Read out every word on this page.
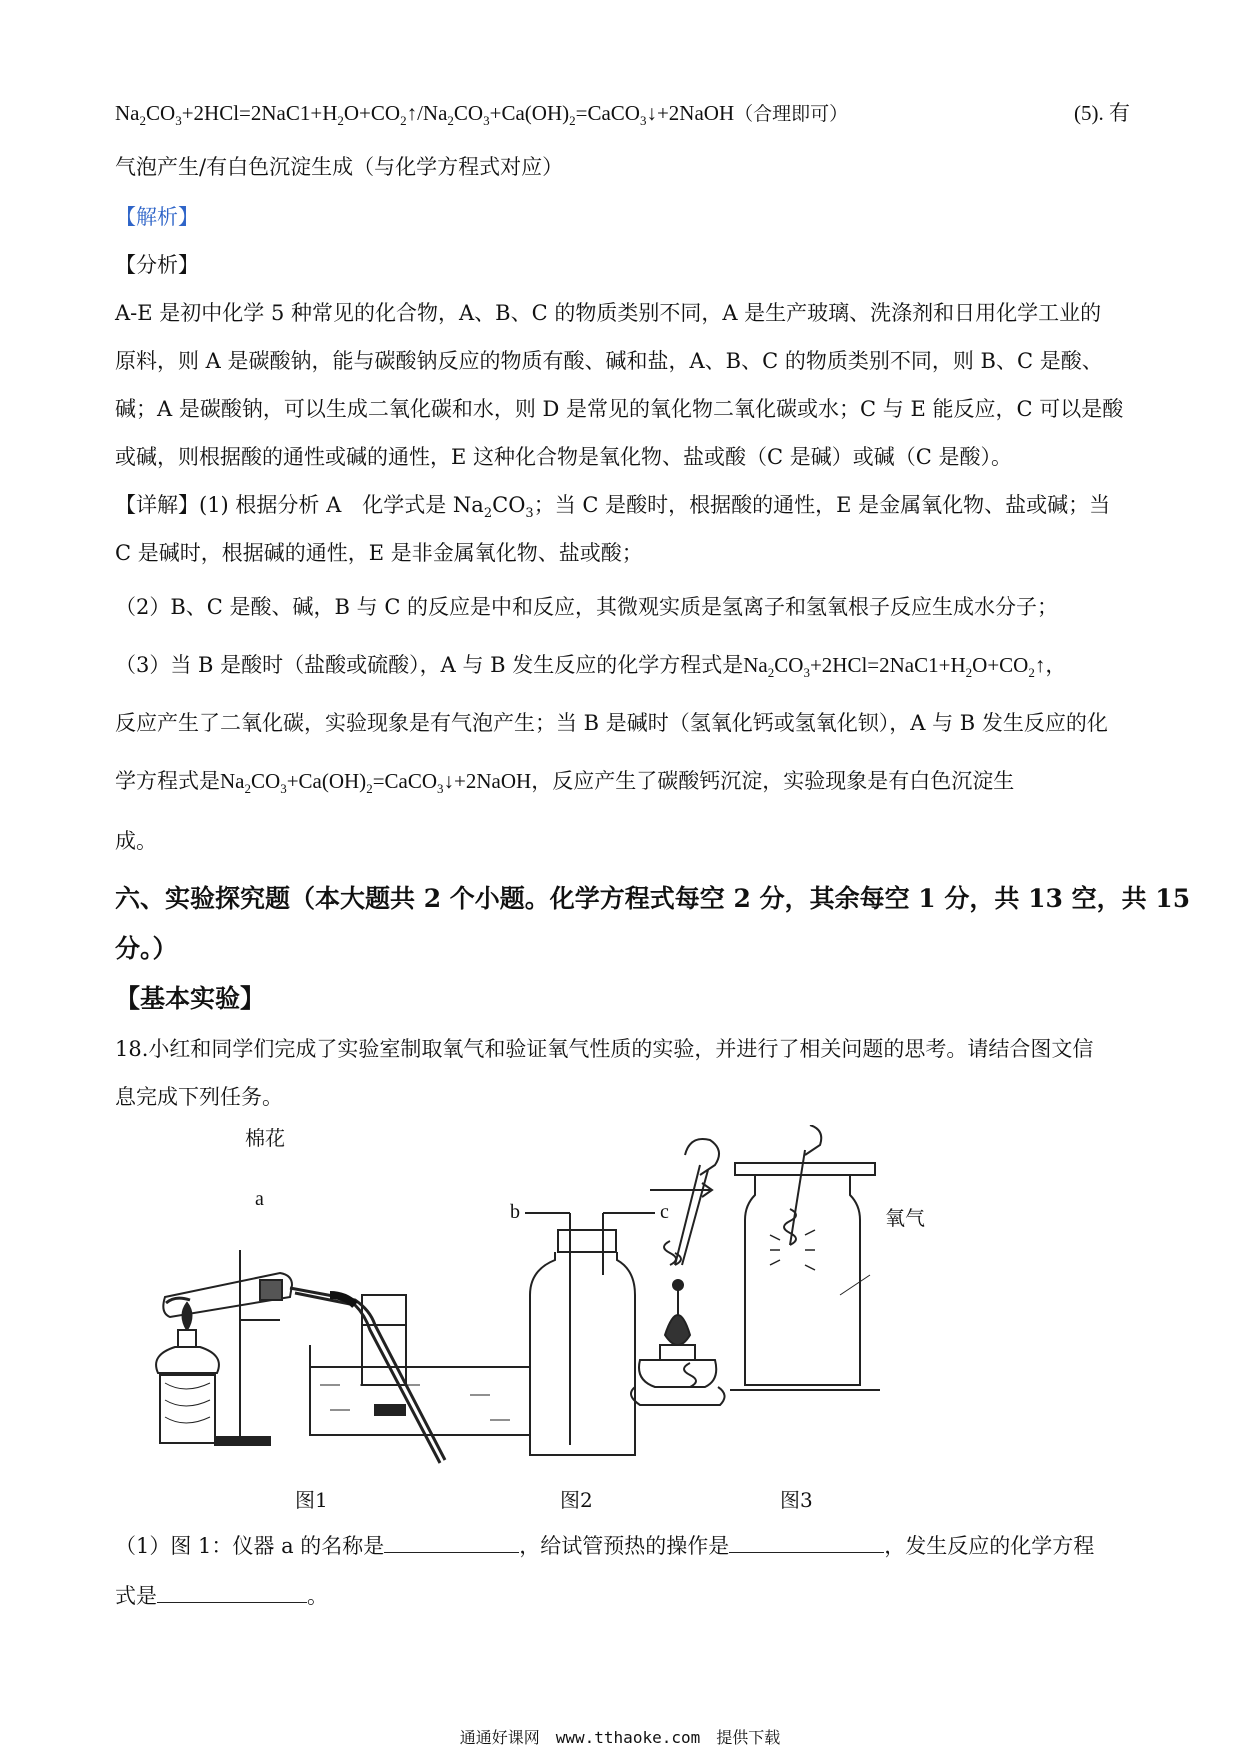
$Na_2CO_3+2HCl=2NaC1+H_2O+CO_2↑/Na_2CO_3+Ca(OH)_2=CaCO_3↓+2NaOH$（合理即可）	(5). 有
气泡产生/有白色沉淀生成（与化学方程式对应）
【解析】
【分析】
A-E 是初中化学 5 种常见的化合物，A、B、C 的物质类别不同，A 是生产玻璃、洗涤剂和日用化学工业的
原料，则 A 是碳酸钠，能与碳酸钠反应的物质有酸、碱和盐，A、B、C 的物质类别不同，则 B、C 是酸、
碱；A 是碳酸钠，可以生成二氧化碳和水，则 D 是常见的氧化物二氧化碳或水；C 与 E 能反应，C 可以是酸
或碱，则根据酸的通性或碱的通性，E 这种化合物是氧化物、盐或酸（C 是碱）或碱（C 是酸）。
【详解】(1) 根据分析 A　化学式是 $Na_2CO_3$；当 C 是酸时，根据酸的通性，E 是金属氧化物、盐或碱；当
C 是碱时，根据碱的通性，E 是非金属氧化物、盐或酸；
（2）B、C 是酸、碱，B 与 C 的反应是中和反应，其微观实质是氢离子和氢氧根子反应生成水分子；
（3）当 B 是酸时（盐酸或硫酸），A 与 B 发生反应的化学方程式是$Na_2CO_3+2HCl=2NaC1+H_2O+CO_2↑$，
反应产生了二氧化碳，实验现象是有气泡产生；当 B 是碱时（氢氧化钙或氢氧化钡），A 与 B 发生反应的化
学方程式是$Na_2CO_3+Ca(OH)_2=CaCO_3↓+2NaOH$，反应产生了碳酸钙沉淀，实验现象是有白色沉淀生
成。
六、实验探究题（本大题共 2 个小题。化学方程式每空 2 分，其余每空 1 分，共 13 空，共 15
分。）
【基本实验】
18.小红和同学们完成了实验室制取氧气和验证氧气性质的实验，并进行了相关问题的思考。请结合图文信
息完成下列任务。
棉花
a
b	c	氧气
图1	图2	图3
（1）图 1：仪器 a 的名称是	，给试管预热的操作是	，发生反应的化学方程
式是	。
通通好课网　www.tthaoke.com　提供下载
